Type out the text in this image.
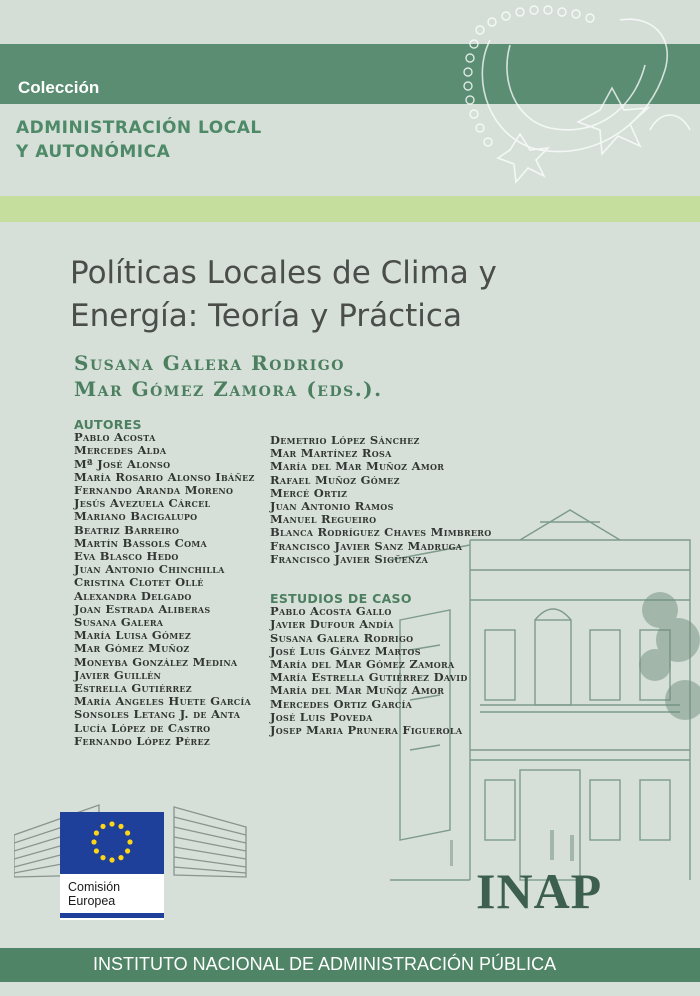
Colección
ADMINISTRACIÓN LOCAL
Y AUTONÓMICA
Políticas Locales de Clima y
Energía: Teoría y Práctica
Susana Galera Rodrigo
Mar Gómez Zamora (eds.).
AUTORES
Pablo Acosta
Mercedes Alda
Mª José Alonso
María Rosario Alonso Ibáñez
Fernando Aranda Moreno
Jesús Avezuela Cárcel
Mariano Bacigalupo
Beatriz Barreiro
Martín Bassols Coma
Eva Blasco Hedo
Juan Antonio Chinchilla
Cristina Clotet Ollé
Alexandra Delgado
Joan Estrada Aliberas
Susana Galera
María Luisa Gómez
Mar Gómez Muñoz
Moneyba González Medina
Javier Guillén
Estrella Gutiérrez
María Angeles Huete García
Sonsoles Letang J. de Anta
Lucía López de Castro
Fernando López Pérez
Demetrio López Sánchez
Mar Martínez Rosa
María del Mar Muñoz Amor
Rafael Muñoz Gómez
Mercé Ortiz
Juan Antonio Ramos
Manuel Regueiro
Blanca Rodríguez Chaves Mimbrero
Francisco Javier Sanz Madruga
Francisco Javier Sigüenza
ESTUDIOS DE CASO
Pablo Acosta Gallo
Javier Dufour Andía
Susana Galera Rodrigo
José Luis Gálvez Martos
María del Mar Gómez Zamora
María Estrella Gutiérrez David
María del Mar Muñoz Amor
Mercedes Ortiz García
José Luis Poveda
Josep Maria Prunera Figuerola
Comisión
Europea	INAP
INSTITUTO NACIONAL DE ADMINISTRACIÓN PÚBLICA
